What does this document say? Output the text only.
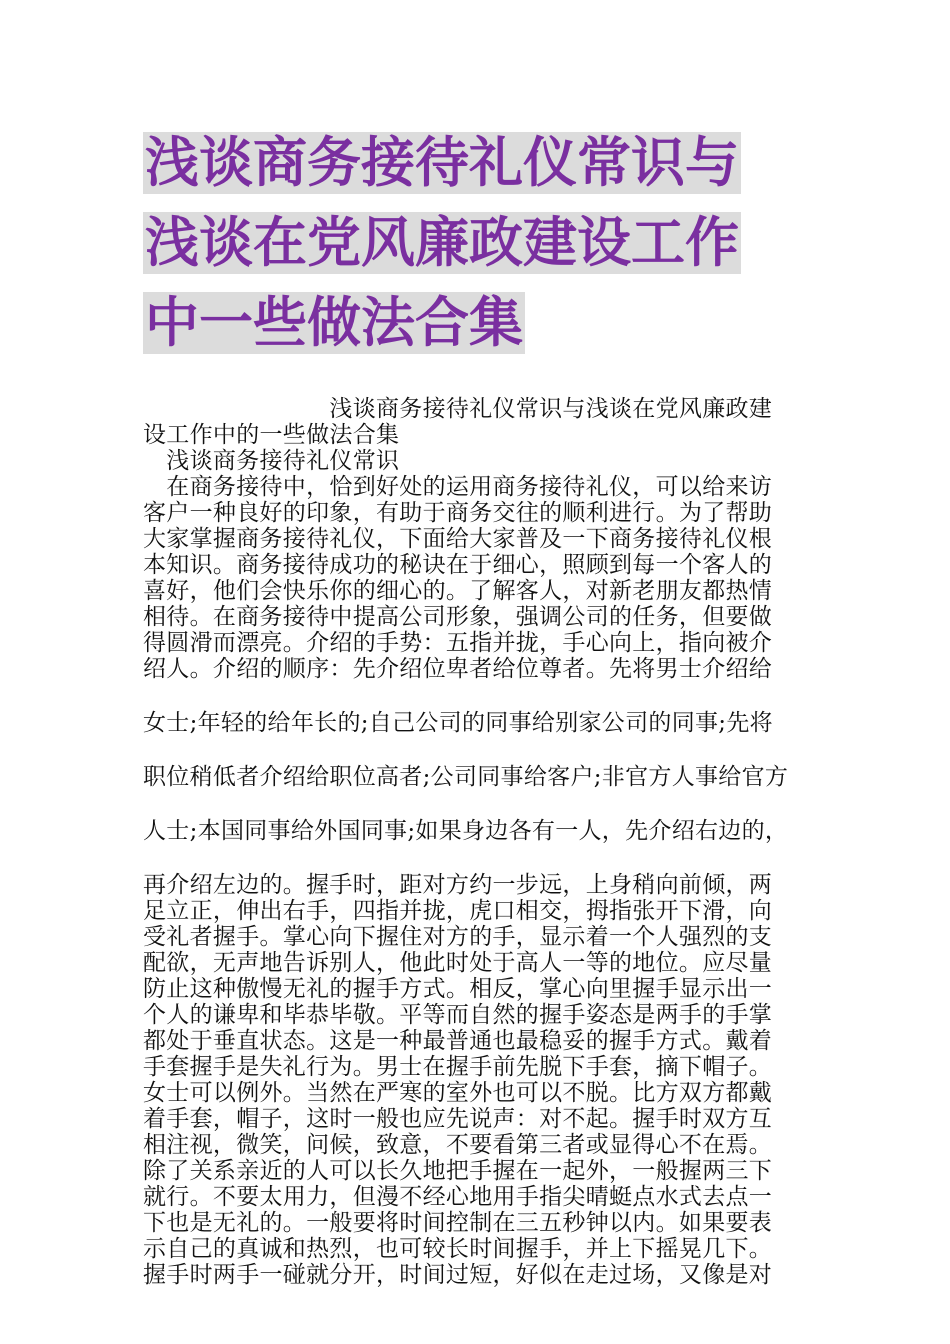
浅谈商务接待礼仪常识与
浅谈在党风廉政建设工作
中一些做法合集
　　　　　　　　浅谈商务接待礼仪常识与浅谈在党风廉政建
设工作中的一些做法合集
　浅谈商务接待礼仪常识
　在商务接待中，恰到好处的运用商务接待礼仪，可以给来访
客户一种良好的印象，有助于商务交往的顺利进行。为了帮助
大家掌握商务接待礼仪，下面给大家普及一下商务接待礼仪根
本知识。商务接待成功的秘诀在于细心，照顾到每一个客人的
喜好，他们会快乐你的细心的。了解客人，对新老朋友都热情
相待。在商务接待中提高公司形象，强调公司的任务，但要做
得圆滑而漂亮。介绍的手势：五指并拢，手心向上，指向被介
绍人。介绍的顺序：先介绍位卑者给位尊者。先将男士介绍给
女士;年轻的给年长的;自己公司的同事给别家公司的同事;先将
职位稍低者介绍给职位高者;公司同事给客户;非官方人事给官方
人士;本国同事给外国同事;如果身边各有一人，先介绍右边的，
再介绍左边的。握手时，距对方约一步远，上身稍向前倾，两
足立正，伸出右手，四指并拢，虎口相交，拇指张开下滑，向
受礼者握手。掌心向下握住对方的手，显示着一个人强烈的支
配欲，无声地告诉别人，他此时处于高人一等的地位。应尽量
防止这种傲慢无礼的握手方式。相反，掌心向里握手显示出一
个人的谦卑和毕恭毕敬。平等而自然的握手姿态是两手的手掌
都处于垂直状态。这是一种最普通也最稳妥的握手方式。戴着
手套握手是失礼行为。男士在握手前先脱下手套，摘下帽子。
女士可以例外。当然在严寒的室外也可以不脱。比方双方都戴
着手套，帽子，这时一般也应先说声：对不起。握手时双方互
相注视，微笑，问候，致意，不要看第三者或显得心不在焉。
除了关系亲近的人可以长久地把手握在一起外，一般握两三下
就行。不要太用力，但漫不经心地用手指尖晴蜓点水式去点一
下也是无礼的。一般要将时间控制在三五秒钟以内。如果要表
示自己的真诚和热烈，也可较长时间握手，并上下摇晃几下。
握手时两手一碰就分开，时间过短，好似在走过场，又像是对
